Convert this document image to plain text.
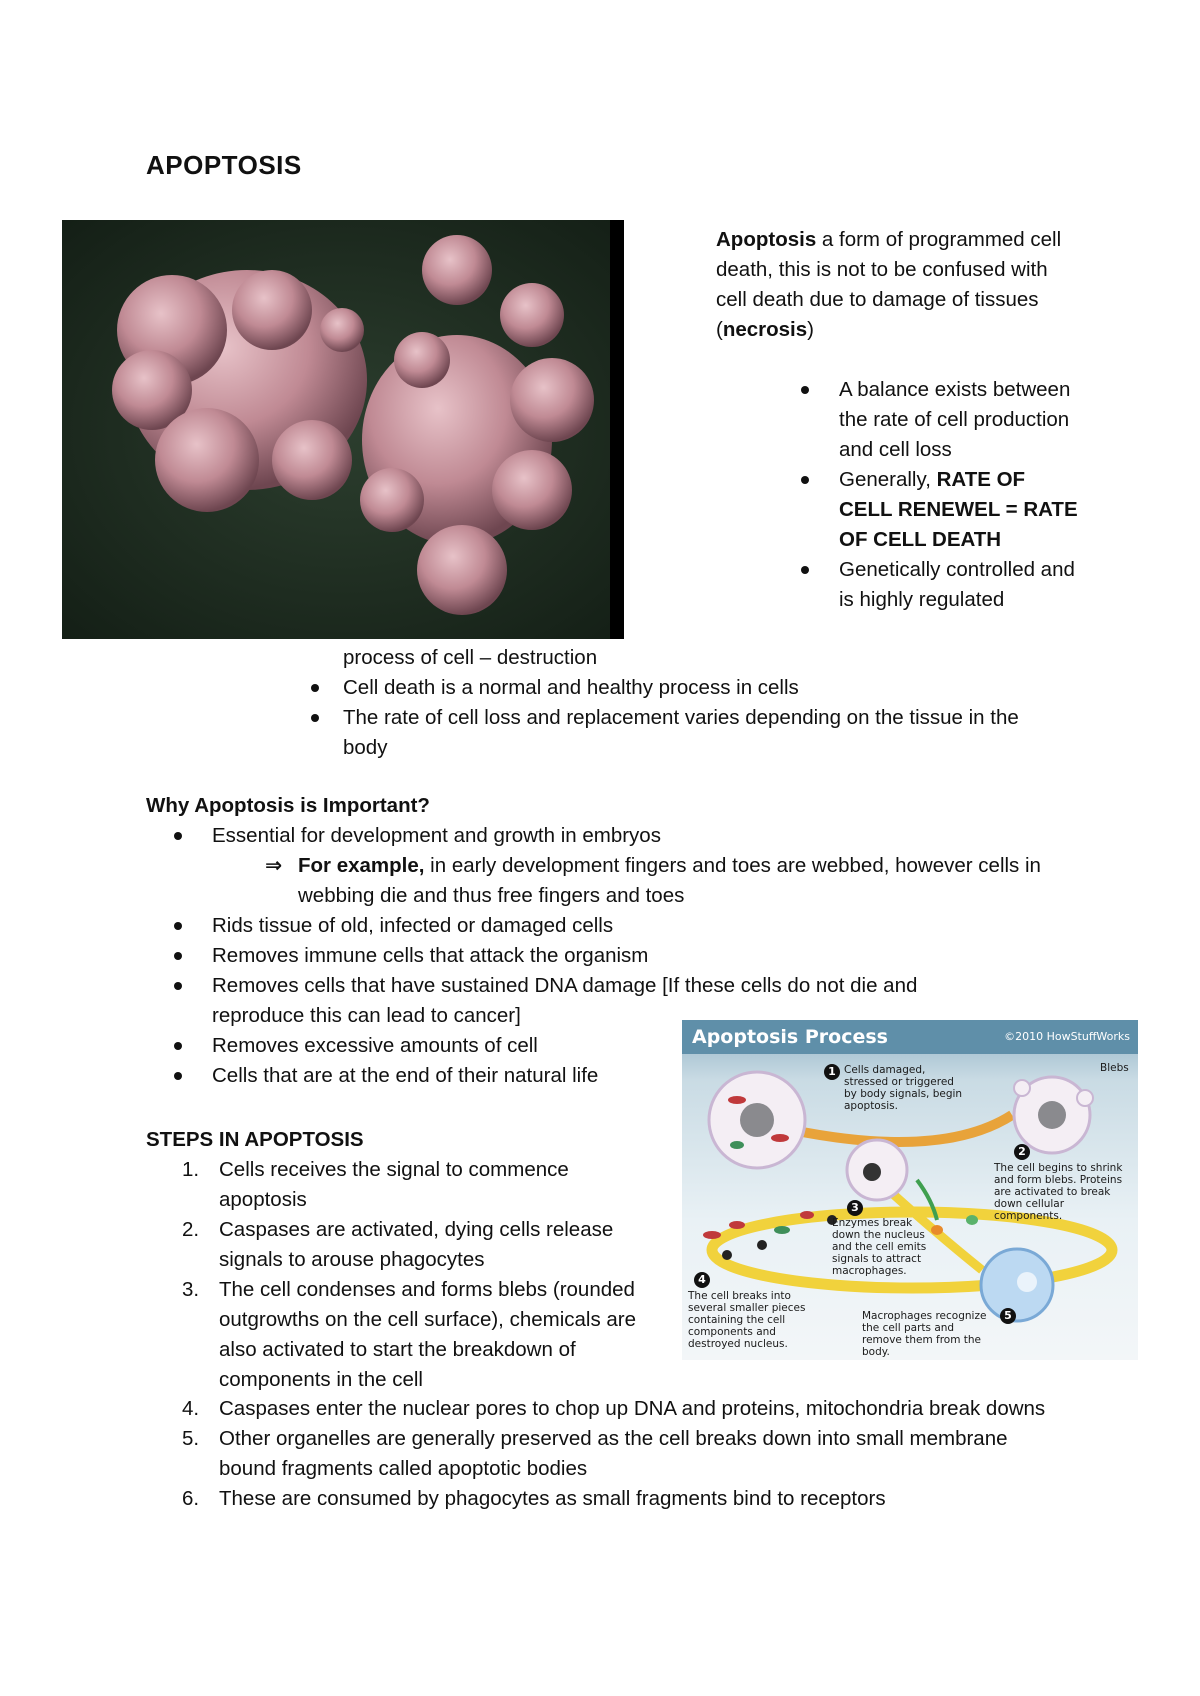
APOPTOSIS
Apoptosis a form of programmed cell death, this is not to be confused with cell death due to damage of tissues (necrosis)
A balance exists between the rate of cell production and cell loss
Generally, RATE OF CELL RENEWEL = RATE OF CELL DEATH
Genetically controlled and is highly regulated
process of cell – destruction
Cell death is a normal and healthy process in cells
The rate of cell loss and replacement varies depending on the tissue in the body
Why Apoptosis is Important?
Essential for development and growth in embryos
⇒ For example, in early development fingers and toes are webbed, however cells in webbing die and thus free fingers and toes
Rids tissue of old, infected or damaged cells
Removes immune cells that attack the organism
Removes cells that have sustained DNA damage [If these cells do not die and reproduce this can lead to cancer]
Removes excessive amounts of cell
Cells that are at the end of their natural life
STEPS IN APOPTOSIS
1. Cells receives the signal to commence apoptosis
2. Caspases are activated, dying cells release signals to arouse phagocytes
3. The cell condenses and forms blebs (rounded outgrowths on the cell surface), chemicals are also activated to start the breakdown of components in the cell
4. Caspases enter the nuclear pores to chop up DNA and proteins, mitochondria break downs
5. Other organelles are generally preserved as the cell breaks down into small membrane bound fragments called apoptotic bodies
6. These are consumed by phagocytes as small fragments bind to receptors
Apoptosis Process	©2010 HowStuffWorks
Blebs
1 Cells damaged, stressed or triggered by body signals, begin apoptosis.
2
The cell begins to shrink and form blebs. Proteins are activated to break down cellular components.
3
Enzymes break down the nucleus and the cell emits signals to attract macrophages.
4
The cell breaks into several smaller pieces containing the cell components and destroyed nucleus.
5
Macrophages recognize the cell parts and remove them from the body.
